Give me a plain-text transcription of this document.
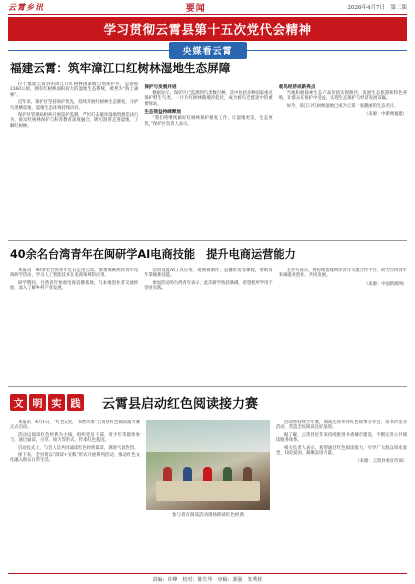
云霄乡讯	要闻	2026年4月7日　第二版
学习贯彻云霄县第十五次党代会精神
央媒看云霄
福建云霄：筑牢漳江口红树林湿地生态屏障

位于福建云霄县的漳江口红树林国家级自然保护区，总面积2360公顷，拥有红树林面积较大的湿地生态系统，被誉为“海上森林”。

近年来，保护区坚持保护优先，持续开展红树林生态修复，守护鸟类栖息地，湿地生态环境持续向好。

保护区管理局组织开展巡护监测，严厉打击破坏湿地资源违法行为，推动红树林保护与科普教育深度融合，吸引游客走进湿地、了解红树林。

保护与发展并进

数据显示，保护区已监测到鸟类数百种，其中包括多种国家重点保护野生鸟类。一片片红树林随潮汐起伏，成为候鸟迁徙途中的重要驿站。

生态效益持续释放

“我们将继续做好红树林保护修复工作，让湿地更美、生态更优。”保护区负责人表示。

观鸟经济成新亮点

当地积极探索生态产品价值实现路径，发展生态旅游和特色养殖，让群众在保护中受益，实现生态保护与经济发展双赢。

如今，漳江口红树林湿地已成为云霄一张靓丽的生态名片。

（来源：中新网福建）
40余名台湾青年在闽研学AI电商技能　提升电商运营能力

本报讯　40余名台湾青年近日走进云霄，参加海峡两岸青年电商研学活动，学习人工智能技术在电商领域的应用。

研学期间，台湾青年参观电商直播基地，与本地创业者交流经验，深入了解乡村产业发展。

活动设置AI工具应用、短视频制作、直播带货等课程，帮助青年掌握新技能。

参加活动的台湾青年表示，此次研学收获满满，希望把所学用于创业实践。

主办方表示，将持续搭建两岸青年交流合作平台，助力台湾青年来闽就业创业、共同发展。

（来源：中国新闻网）
文 明 实 践 云霄县启动红色阅读接力赛

本报讯　4月1日，“红色记忆　书香传承”云霄县红色阅读接力赛正式启动。

活动以阅读红色经典为主线，组织党员干部、青少年等群体参与，通过诵读、分享、接力等形式，传承红色基因。

启动仪式上，与会人员共同诵读红色经典篇章，现场气氛热烈。

接下来，全县将以“阅读+实践”形式开展系列活动，推动红色文化融入群众日常生活。

参与者在阅读活动现场朗读红色经典

活动将持续至年底，期间还将举办红色故事分享会、读书沙龙等活动，营造全民阅读良好氛围。

据了解，云霄县近年来持续推进书香城市建设，不断完善公共阅读服务体系。

相关负责人表示，希望通过红色阅读接力，引导广大群众知史爱党、知史爱国，凝聚奋进力量。

（来源：云霄县委宣传部）
责编：许峰　校对：陈生华　审稿：郭强　朱秀桂
